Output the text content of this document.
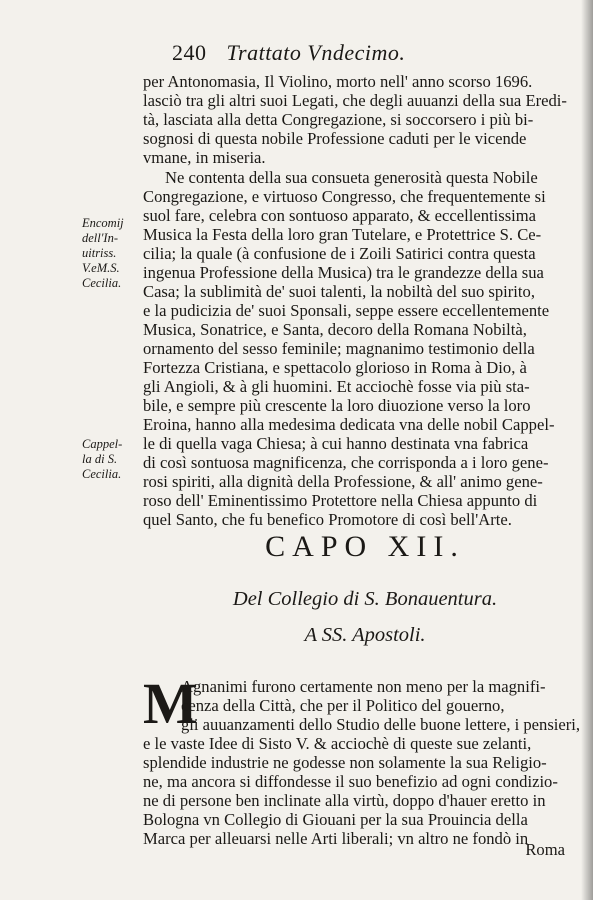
240 Trattato Vndecimo.
per Antonomasia, Il Violino, morto nell' anno scorso 1696.
lasciò tra gli altri suoi Legati, che degli auuanzi della sua Eredi-
tà, lasciata alla detta Congregazione, si soccorsero i più bi-
sognosi di questa nobile Professione caduti per le vicende
vmane, in miseria.
Ne contenta della sua consueta generosità questa Nobile
Congregazione, e virtuoso Congresso, che frequentemente si
suol fare, celebra con sontuoso apparato, & eccellentissima
Musica la Festa della loro gran Tutelare, e Protettrice S. Ce-
cilia; la quale (à confusione de i Zoili Satirici contra questa
ingenua Professione della Musica) tra le grandezze della sua
Casa; la sublimità de' suoi talenti, la nobiltà del suo spirito,
e la pudicizia de' suoi Sponsali, seppe essere eccellentemente
Musica, Sonatrice, e Santa, decoro della Romana Nobiltà,
ornamento del sesso feminile; magnanimo testimonio della
Fortezza Cristiana, e spettacolo glorioso in Roma à Dio, à
gli Angioli, & à gli huomini. Et acciochè fosse via più sta-
bile, e sempre più crescente la loro diuozione verso la loro
Eroina, hanno alla medesima dedicata vna delle nobil Cappel-
le di quella vaga Chiesa; à cui hanno destinata vna fabrica
di così sontuosa magnificenza, che corrisponda a i loro gene-
rosi spiriti, alla dignità della Professione, & all' animo gene-
roso dell' Eminentissimo Protettore nella Chiesa appunto di
quel Santo, che fu benefico Promotore di così bell'Arte.
Encomij
dell'In-
uitriss.
V.eM.S.
Cecilia.
Cappel-
la di S.
Cecilia.
CAPO XII.
Del Collegio di S. Bonauentura.
A SS. Apostoli.
M
Agnanimi furono certamente non meno per la magnifi-
cenza della Città, che per il Politico del gouerno,
gli auuanzamenti dello Studio delle buone lettere, i pensieri,
e le vaste Idee di Sisto V. & acciochè di queste sue zelanti,
splendide industrie ne godesse non solamente la sua Religio-
ne, ma ancora si diffondesse il suo benefizio ad ogni condizio-
ne di persone ben inclinate alla virtù, doppo d'hauer eretto in
Bologna vn Collegio di Giouani per la sua Prouincia della
Marca per alleuarsi nelle Arti liberali; vn altro ne fondò in
Roma
